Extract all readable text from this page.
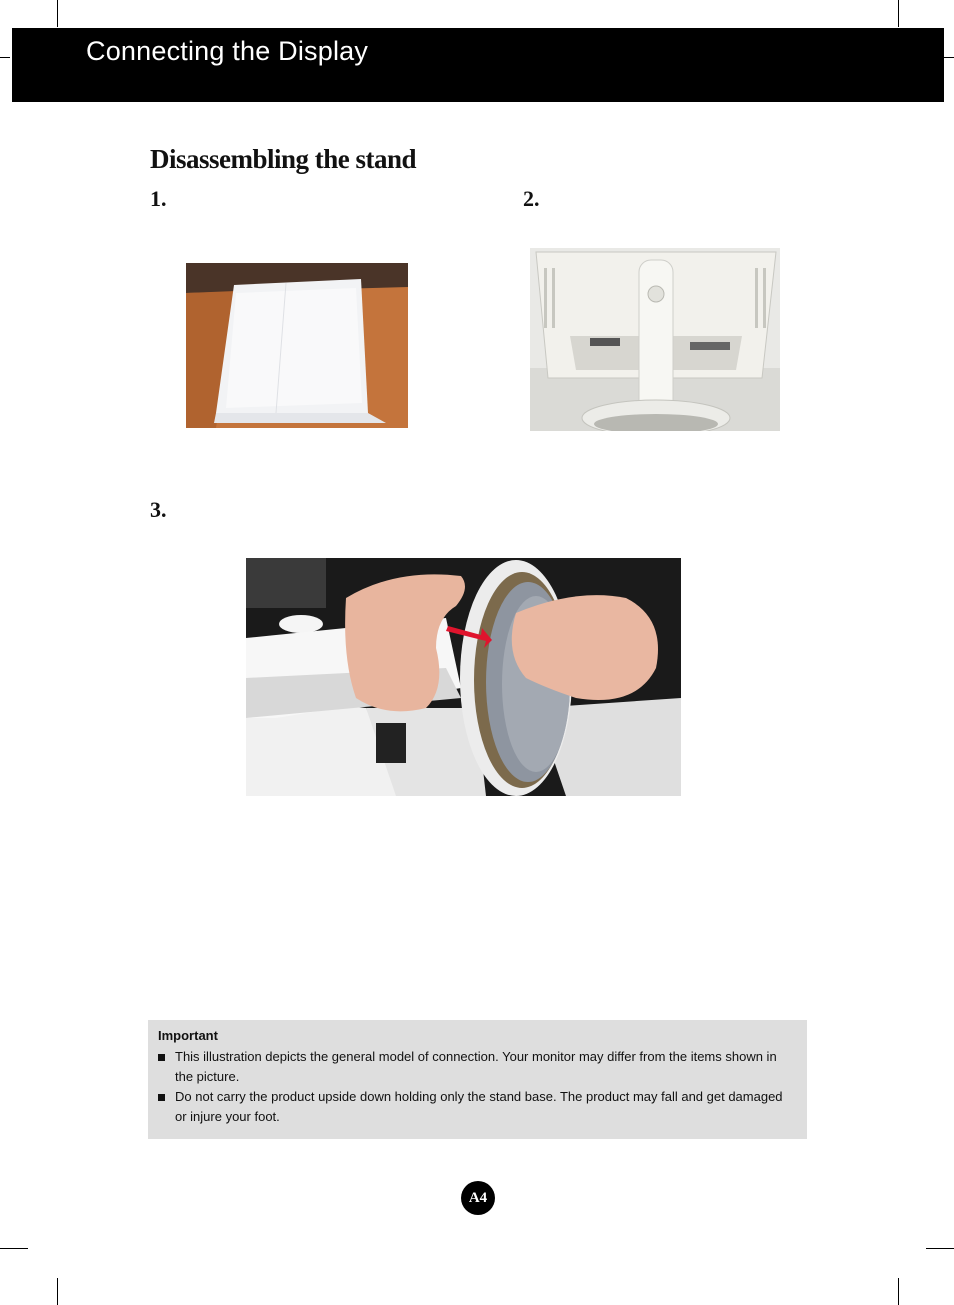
Connecting the Display
Disassembling the stand
1.	2.
3.
Important
This illustration depicts the general model of connection. Your monitor may differ from the items shown in the picture.
Do not carry the product upside down holding only the stand base. The product may fall and get damaged or injure your foot.
A4
